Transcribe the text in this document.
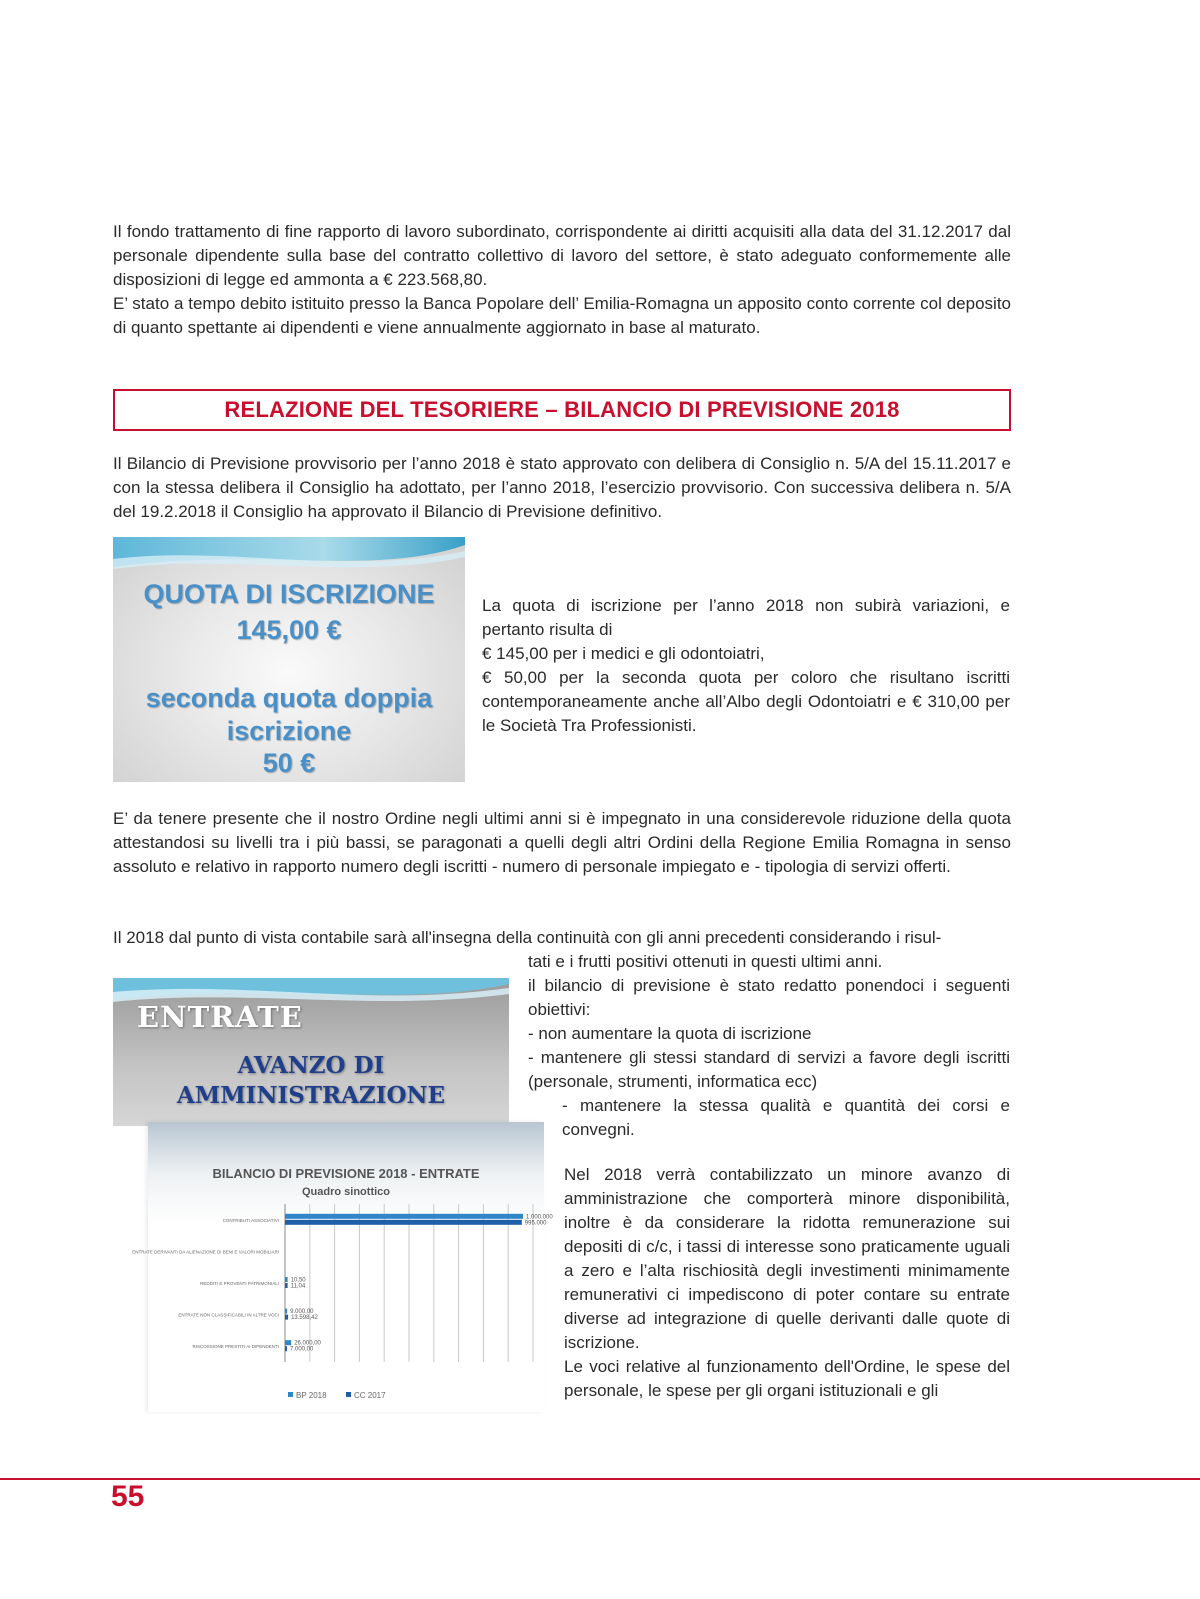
Il fondo trattamento di fine rapporto di lavoro subordinato, corrispondente ai diritti acquisiti alla data del 31.12.2017 dal personale dipendente sulla base del contratto collettivo di lavoro del settore, è stato adeguato conformemente alle disposizioni di legge ed ammonta a € 223.568,80.

E’ stato a tempo debito istituito presso la Banca Popolare dell’ Emilia-Romagna un apposito conto corrente col deposito di quanto spettante ai dipendenti e viene annualmente aggiornato in base al maturato.

RELAZIONE DEL TESORIERE – BILANCIO DI PREVISIONE 2018

Il Bilancio di Previsione provvisorio per l’anno 2018 è stato approvato con delibera di Consiglio n. 5/A del 15.11.2017 e con la stessa delibera il Consiglio ha adottato, per l’anno 2018, l’esercizio provvisorio. Con successiva delibera n. 5/A del 19.2.2018 il Consiglio ha approvato il Bilancio di Previsione definitivo.

QUOTA DI ISCRIZIONE
145,00 €
seconda quota doppia
iscrizione
50 €

La quota di iscrizione per l’anno 2018 non subirà variazioni, e pertanto risulta di

€ 145,00 per i medici e gli odontoiatri,

€ 50,00 per la seconda quota per coloro che risultano iscritti contemporaneamente anche all’Albo degli Odontoiatri e € 310,00 per le Società Tra Professionisti.

E’ da tenere presente che il nostro Ordine negli ultimi anni si è impegnato in una considerevole riduzione della quota attestandosi su livelli tra i più bassi, se paragonati a quelli degli altri Ordini della Regione Emilia Romagna in senso assoluto e relativo in rapporto numero degli iscritti - numero di personale impiegato e - tipologia di servizi offerti.

Il 2018 dal punto di vista contabile sarà all'insegna della continuità con gli anni precedenti considerando i risul-

tati e i frutti positivi ottenuti in questi ultimi anni.

il bilancio di previsione è stato redatto ponendoci i seguenti obiettivi:

- non aumentare la quota di iscrizione

- mantenere gli stessi standard di servizi a favore degli iscritti (personale, strumenti, informatica ecc)

- mantenere la stessa qualità e quantità dei corsi e convegni.

ENTRATE
AVANZO DI
AMMINISTRAZIONE
BILANCIO DI PREVISIONE 2018 - ENTRATE
Quadro sinottico
CONTRIBUTI ASSOCIATIVI	1.000.000
995.000
ENTRATE DERIVANTI DA ALIENAZIONE DI BENI E VALORI MOBILIARI
REDDITI E PROVENTI PATRIMONIALI 10,50
11,04
ENTRATE NON CLASSIFICABILI IN ALTRE VOCI 9.000,00
13.598,42
RISCOSSIONE PRESTITI AI DIPENDENTI	26.000,00
7.000,00
BP 2018	CC 2017

Nel 2018 verrà contabilizzato un minore avanzo di amministrazione che comporterà minore disponibilità, inoltre è da considerare la ridotta remunerazione sui depositi di c/c, i tassi di interesse sono praticamente uguali a zero e l’alta rischiosità degli investimenti minimamente remunerativi ci impediscono di poter contare su entrate diverse ad integrazione di quelle derivanti dalle quote di iscrizione.

Le voci relative al funzionamento dell'Ordine, le spese del personale, le spese per gli organi istituzionali e gli

55
